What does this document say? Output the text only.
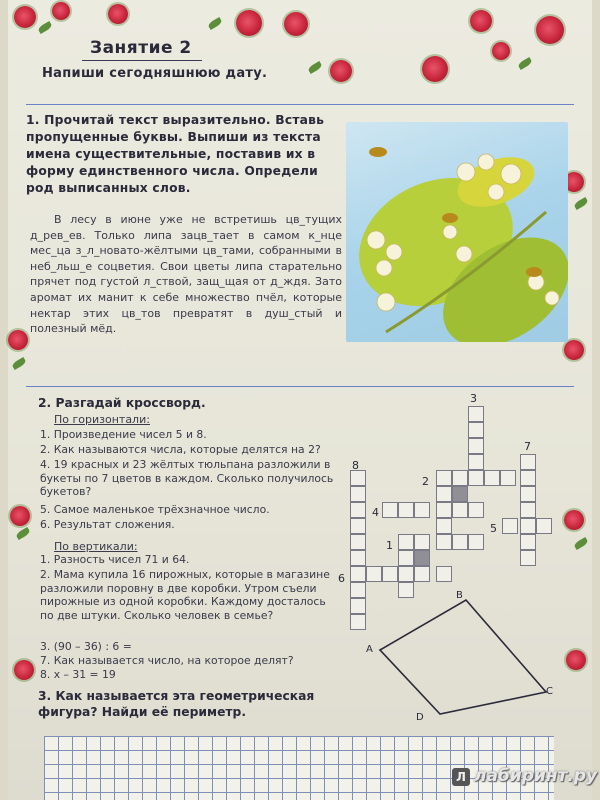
Занятие 2
Напиши сегодняшнюю дату.
1. Прочитай текст выразительно. Вставь пропущенные буквы. Выпиши из текста имена существительные, поставив их в форму единственного числа. Определи род выписанных слов.
В лесу в июне уже не встретишь цв_тущих д_рев_ев. Только липа зацв_тает в самом к_нце мес_ца з_л_новато-жёлтыми цв_тами, собранными в неб_льш_е соцветия. Свои цветы липа старательно прячет под густой л_ствой, защ_щая от д_ждя. Зато аромат их манит к себе множество пчёл, которые нектар этих цв_тов превратят в душ_стый и полезный мёд.
2. Разгадай кроссворд.
По горизонтали:
1. Произведение чисел 5 и 8.
2. Как называются числа, которые делятся на 2?
4. 19 красных и 23 жёлтых тюльпана разложили в букеты по 7 цветов в каждом. Сколько получилось букетов?
5. Самое маленькое трёхзначное число.
6. Результат сложения.
По вертикали:
1. Разность чисел 71 и 64.
2. Мама купила 16 пирожных, которые в магазине разложили поровну в две коробки. Утром съели пирожные из одной коробки. Каждому досталось по две штуки. Сколько человек в семье?
3. (90 – 36) : 6 =
7. Как называется число, на которое делят?
8. x – 31 = 19
3
7
8
2
4
5
1
6
A
B
C
D
3. Как называется эта геометрическая фигура? Найди её периметр.
Л лабиринт.ру
